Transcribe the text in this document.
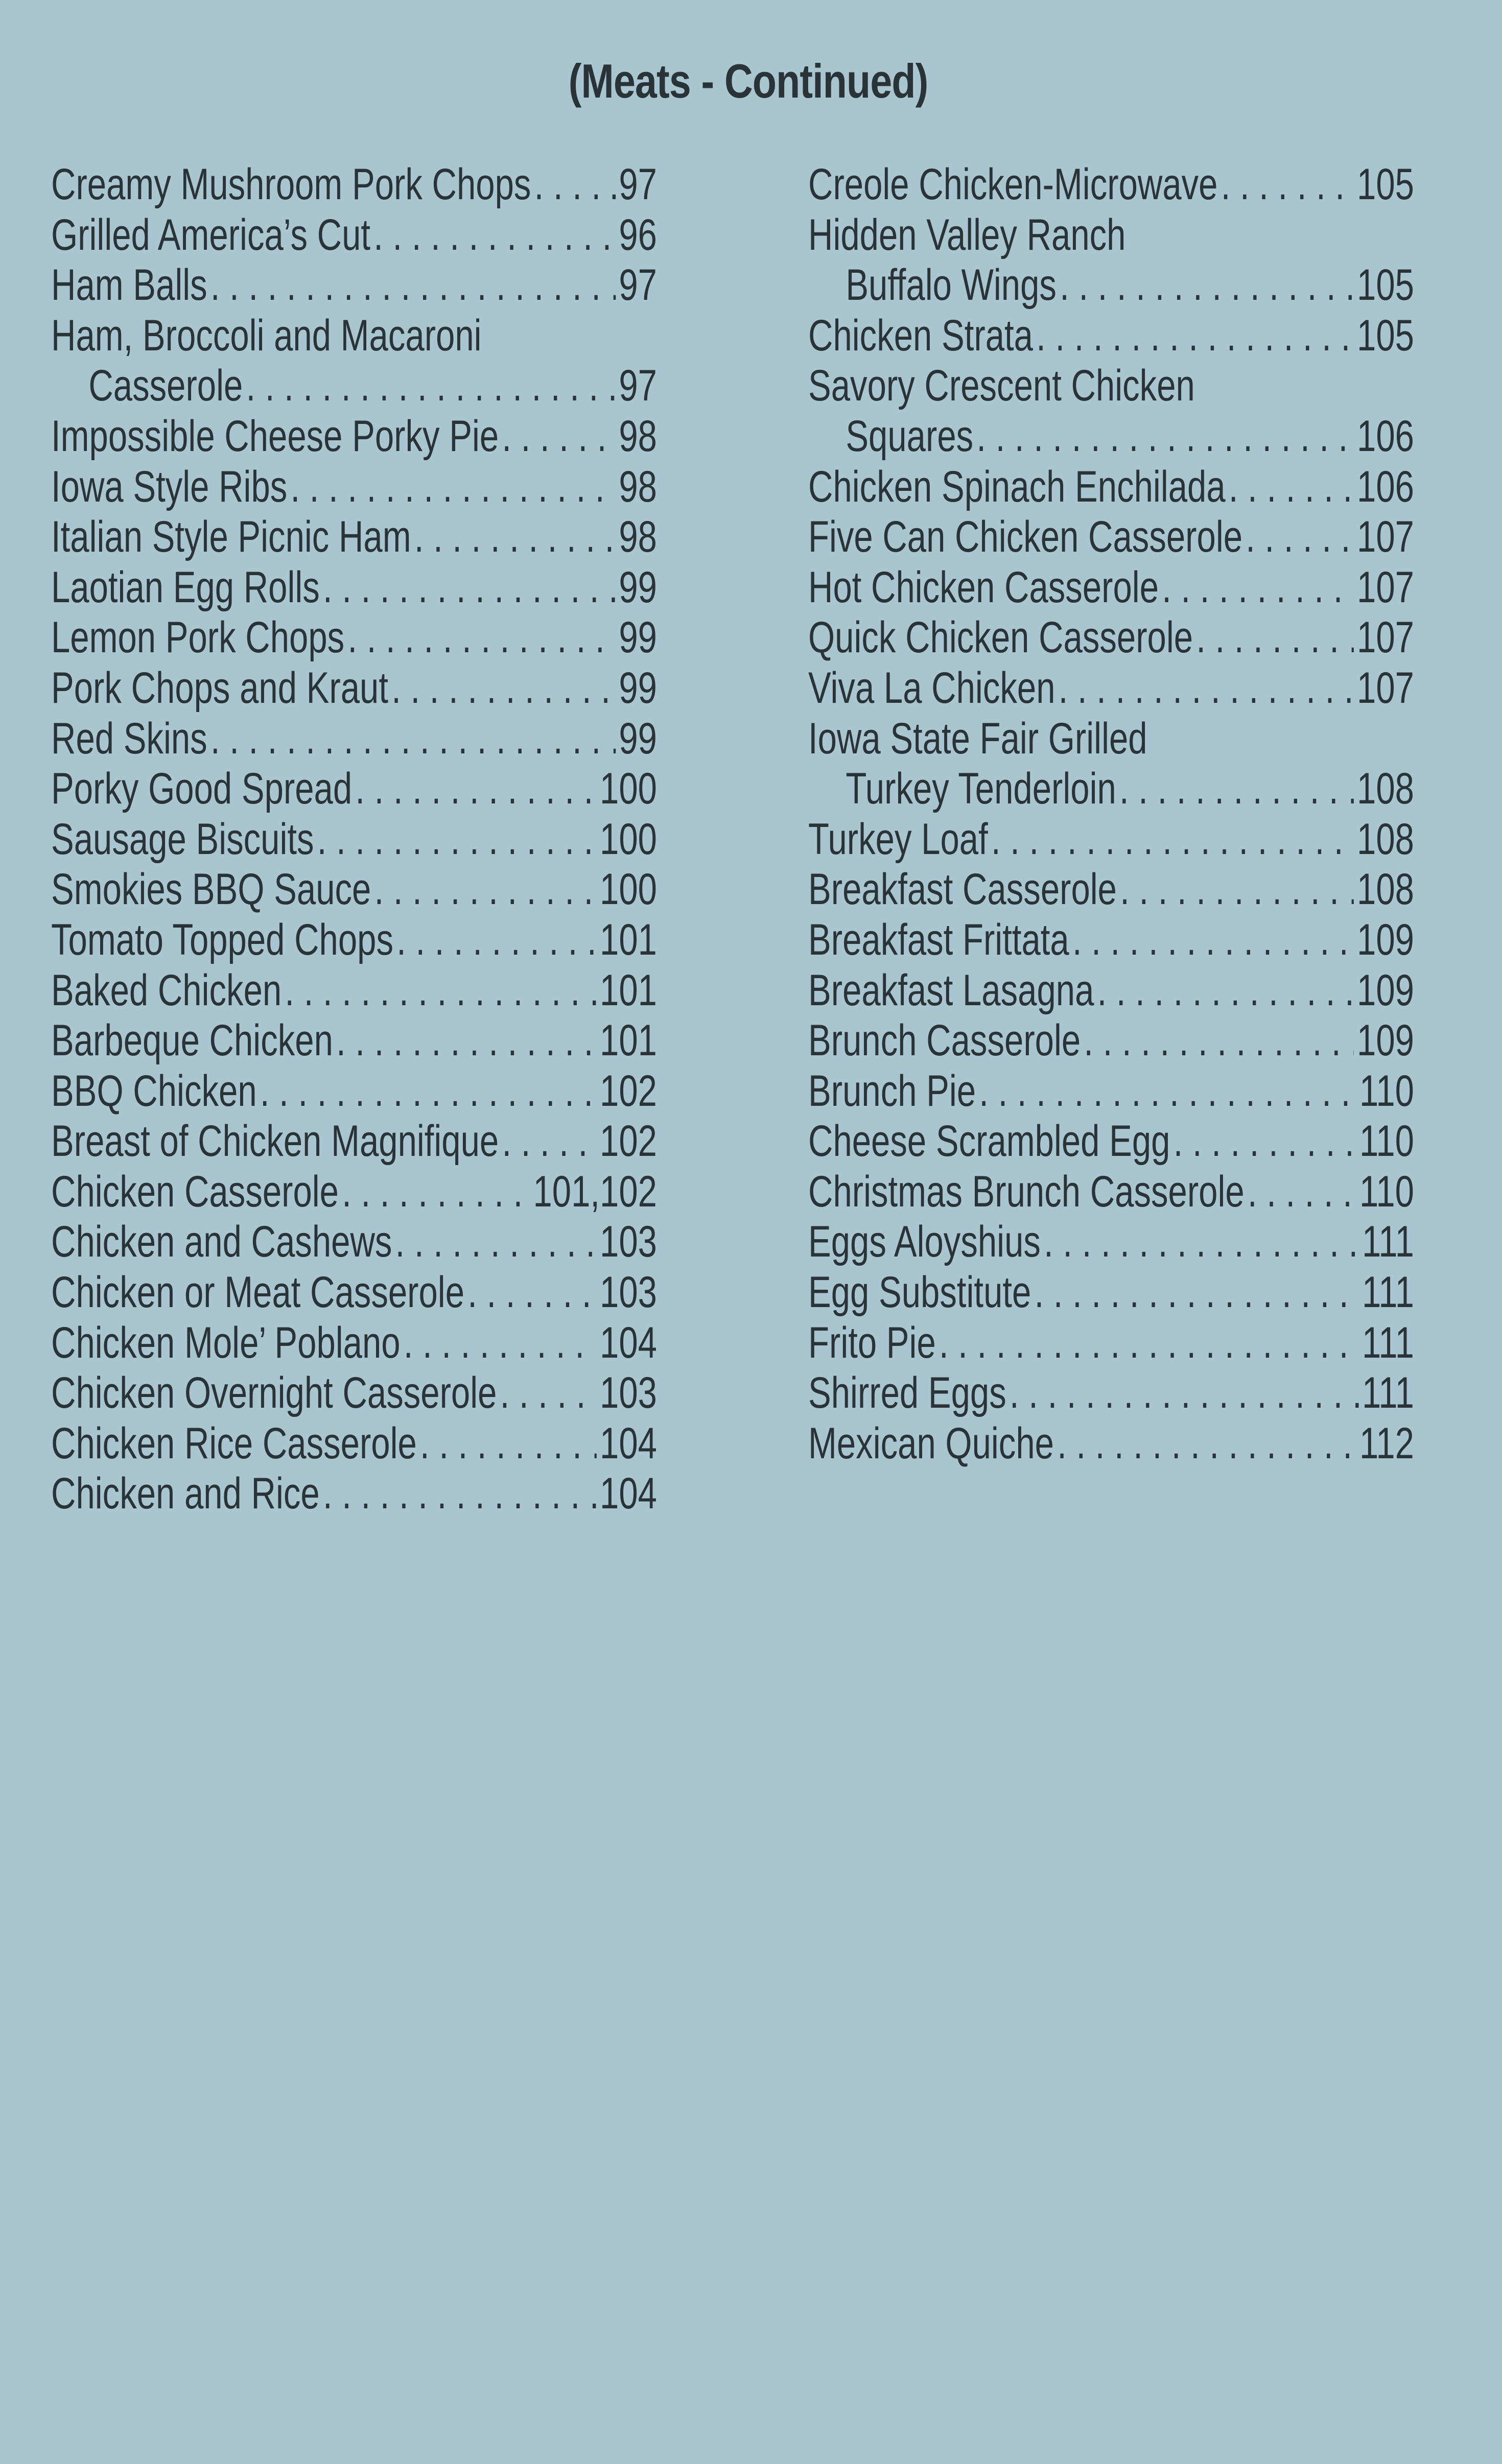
(Meats - Continued)
Creamy Mushroom Pork Chops . . . .97
Grilled America’s Cut . . .	96
Ham Balls . . .	97
Ham, Broccoli and Macaroni
Casserole . . .	97
Impossible Cheese Porky Pie . . .	98
Iowa Style Ribs . . .	98
Italian Style Picnic Ham . . .	98
Laotian Egg Rolls . . .	99
Lemon Pork Chops . . .	99
Pork Chops and Kraut . . .	99
Red Skins . . .	99
Porky Good Spread . . .	100
Sausage Biscuits . . .	100
Smokies BBQ Sauce . . .	100
Tomato Topped Chops . . .	101
Baked Chicken . . .	101
Barbeque Chicken . . .	101
BBQ Chicken . . .	102
Breast of Chicken Magnifique . . . 102
Chicken Casserole . . .	101,102
Chicken and Cashews . . .	103
Chicken or Meat Casserole . . .	103
Chicken Mole’ Poblano . . .	104
Chicken Overnight Casserole . . . 103
Chicken Rice Casserole . . .	104
Chicken and Rice . . .	104
Creole Chicken-Microwave . . .	105
Hidden Valley Ranch
Buffalo Wings . . .	105
Chicken Strata . . .	105
Savory Crescent Chicken
Squares . . .	106
Chicken Spinach Enchilada . . .	106
Five Can Chicken Casserole . . .	107
Hot Chicken Casserole . . .	107
Quick Chicken Casserole . . .	107
Viva La Chicken . . .	107
Iowa State Fair Grilled
Turkey Tenderloin . . .	108
Turkey Loaf . . .	108
Breakfast Casserole . . .	108
Breakfast Frittata . . .	109
Breakfast Lasagna . . .	109
Brunch Casserole . . .	109
Brunch Pie . . .	110
Cheese Scrambled Egg . . .	110
Christmas Brunch Casserole . . .	110
Eggs Aloyshius . . .	111
Egg Substitute . . .	111
Frito Pie . . .	111
Shirred Eggs . . .	111
Mexican Quiche . . .	112
